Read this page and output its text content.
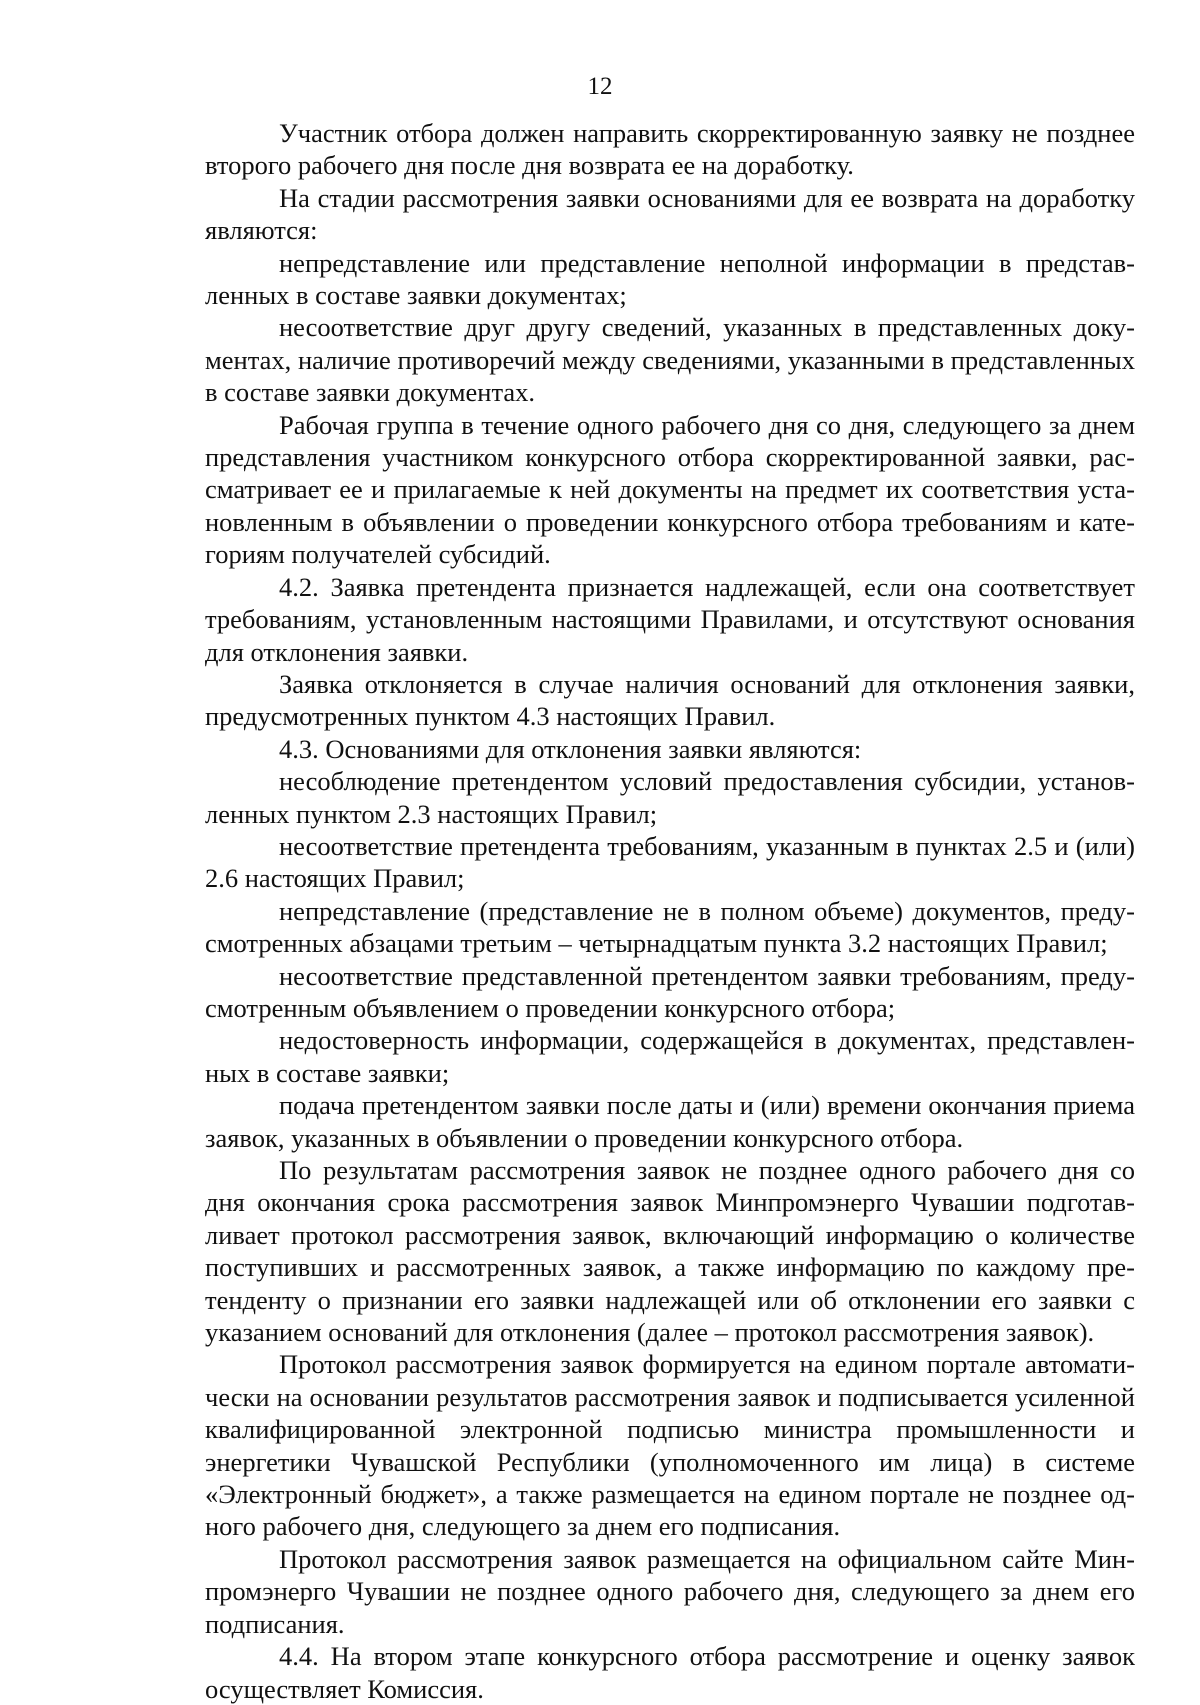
12

Участник отбора должен направить скорректированную заявку не позднее второго рабочего дня после дня возврата ее на доработку.

На стадии рассмотрения заявки основаниями для ее возврата на доработку являются:

непредставление или представление неполной информации в представленных в составе заявки документах;

несоответствие друг другу сведений, указанных в представленных документах, наличие противоречий между сведениями, указанными в представленных в составе заявки документах.

Рабочая группа в течение одного рабочего дня со дня, следующего за днем представления участником конкурсного отбора скорректированной заявки, рассматривает ее и прилагаемые к ней документы на предмет их соответствия установленным в объявлении о проведении конкурсного отбора требованиям и категориям получателей субсидий.

4.2. Заявка претендента признается надлежащей, если она соответствует требованиям, установленным настоящими Правилами, и отсутствуют основания для отклонения заявки.

Заявка отклоняется в случае наличия оснований для отклонения заявки, предусмотренных пунктом 4.3 настоящих Правил.

4.3. Основаниями для отклонения заявки являются:

несоблюдение претендентом условий предоставления субсидии, установленных пунктом 2.3 настоящих Правил;

несоответствие претендента требованиям, указанным в пунктах 2.5 и (или) 2.6 настоящих Правил;

непредставление (представление не в полном объеме) документов, предусмотренных абзацами третьим – четырнадцатым пункта 3.2 настоящих Правил;

несоответствие представленной претендентом заявки требованиям, предусмотренным объявлением о проведении конкурсного отбора;

недостоверность информации, содержащейся в документах, представленных в составе заявки;

подача претендентом заявки после даты и (или) времени окончания приема заявок, указанных в объявлении о проведении конкурсного отбора.

По результатам рассмотрения заявок не позднее одного рабочего дня со дня окончания срока рассмотрения заявок Минпромэнерго Чувашии подготавливает протокол рассмотрения заявок, включающий информацию о количестве поступивших и рассмотренных заявок, а также информацию по каждому претенденту о признании его заявки надлежащей или об отклонении его заявки с указанием оснований для отклонения (далее – протокол рассмотрения заявок).

Протокол рассмотрения заявок формируется на едином портале автоматически на основании результатов рассмотрения заявок и подписывается усиленной квалифицированной электронной подписью министра промышленности и энергетики Чувашской Республики (уполномоченного им лица) в системе «Электронный бюджет», а также размещается на едином портале не позднее одного рабочего дня, следующего за днем его подписания.

Протокол рассмотрения заявок размещается на официальном сайте Минпромэнерго Чувашии не позднее одного рабочего дня, следующего за днем его подписания.

4.4. На втором этапе конкурсного отбора рассмотрение и оценку заявок осуществляет Комиссия.
